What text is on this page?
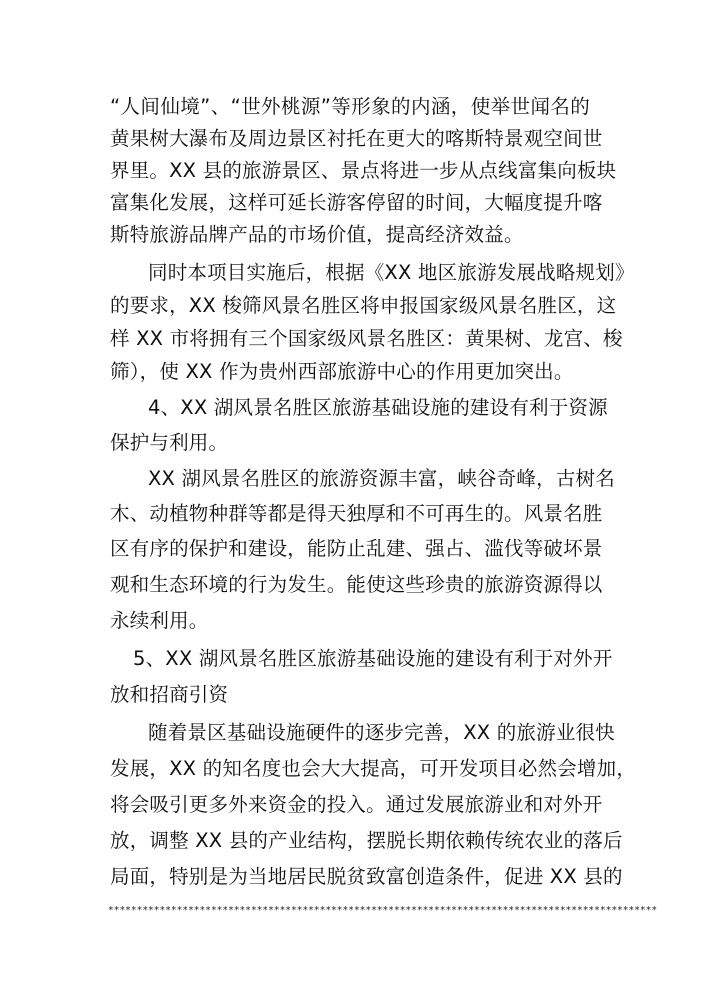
“人间仙境”、“世外桃源”等形象的内涵，使举世闻名的
黄果树大瀑布及周边景区衬托在更大的喀斯特景观空间世
界里。XX 县的旅游景区、景点将进一步从点线富集向板块
富集化发展，这样可延长游客停留的时间，大幅度提升喀
斯特旅游品牌产品的市场价值，提高经济效益。
同时本项目实施后，根据《XX 地区旅游发展战略规划》
的要求，XX 梭筛风景名胜区将申报国家级风景名胜区，这
样 XX 市将拥有三个国家级风景名胜区：黄果树、龙宫、梭
筛），使 XX 作为贵州西部旅游中心的作用更加突出。
4、XX 湖风景名胜区旅游基础设施的建设有利于资源
保护与利用。
XX 湖风景名胜区的旅游资源丰富，峡谷奇峰，古树名
木、动植物种群等都是得天独厚和不可再生的。风景名胜
区有序的保护和建设，能防止乱建、强占、滥伐等破坏景
观和生态环境的行为发生。能使这些珍贵的旅游资源得以
永续利用。
5、XX 湖风景名胜区旅游基础设施的建设有利于对外开
放和招商引资
随着景区基础设施硬件的逐步完善，XX 的旅游业很快
发展，XX 的知名度也会大大提高，可开发项目必然会增加，
将会吸引更多外来资金的投入。通过发展旅游业和对外开
放，调整 XX 县的产业结构，摆脱长期依赖传统农业的落后
局面，特别是为当地居民脱贫致富创造条件，促进 XX 县的
************************************************************************************************
